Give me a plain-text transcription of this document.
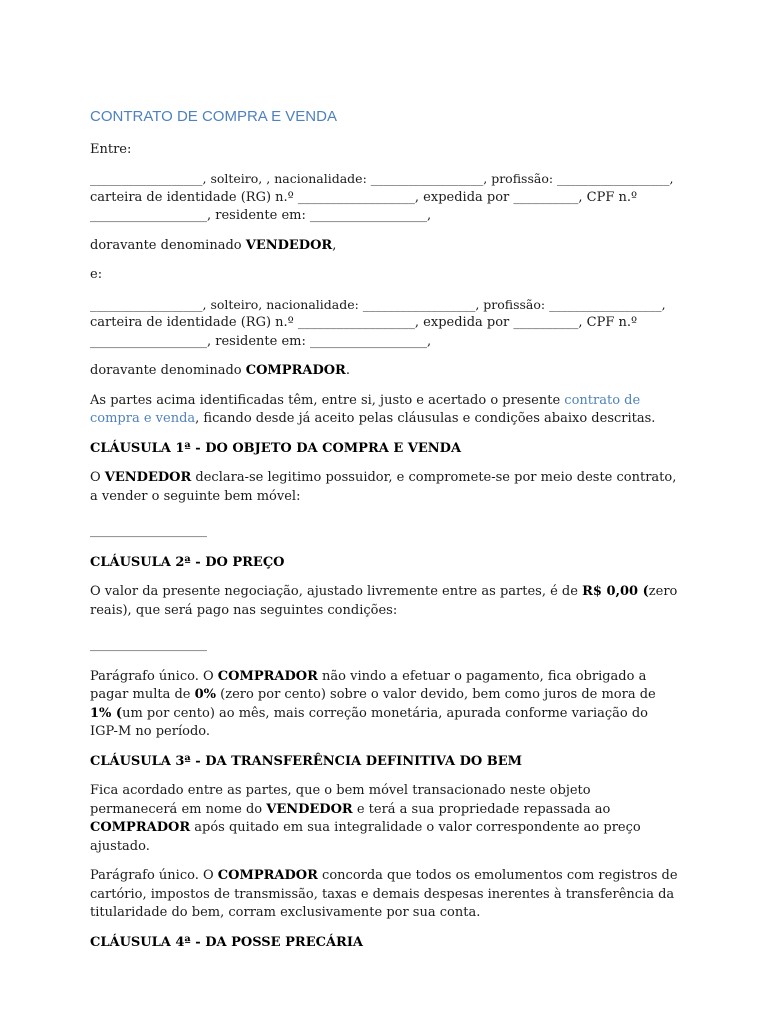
CONTRATO DE COMPRA E VENDA

Entre:

__________________, solteiro, , nacionalidade: __________________, profissão: __________________,
carteira de identidade (RG) n.º __________________, expedida por __________, CPF n.º
__________________, residente em: __________________,

doravante denominado VENDEDOR,

e:

__________________, solteiro, nacionalidade: __________________, profissão: __________________,
carteira de identidade (RG) n.º __________________, expedida por __________, CPF n.º
__________________, residente em: __________________,

doravante denominado COMPRADOR.

As partes acima identificadas têm, entre si, justo e acertado o presente contrato de compra e venda, ficando desde já aceito pelas cláusulas e condições abaixo descritas.

CLÁUSULA 1ª - DO OBJETO DA COMPRA E VENDA

O VENDEDOR declara-se legitimo possuidor, e compromete-se por meio deste contrato, a vender o seguinte bem móvel:

__________________
CLÁUSULA 2ª - DO PREÇO

O valor da presente negociação, ajustado livremente entre as partes, é de R$ 0,00 (zero reais), que será pago nas seguintes condições:

__________________

Parágrafo único. O COMPRADOR não vindo a efetuar o pagamento, fica obrigado a pagar multa de 0% (zero por cento) sobre o valor devido, bem como juros de mora de 1% (um por cento) ao mês, mais correção monetária, apurada conforme variação do IGP-M no período.

CLÁUSULA 3ª - DA TRANSFERÊNCIA DEFINITIVA DO BEM

Fica acordado entre as partes, que o bem móvel transacionado neste objeto permanecerá em nome do VENDEDOR e terá a sua propriedade repassada ao COMPRADOR após quitado em sua integralidade o valor correspondente ao preço ajustado.

Parágrafo único. O COMPRADOR concorda que todos os emolumentos com registros de cartório, impostos de transmissão, taxas e demais despesas inerentes à transferência da titularidade do bem, corram exclusivamente por sua conta.

CLÁUSULA 4ª - DA POSSE PRECÁRIA
